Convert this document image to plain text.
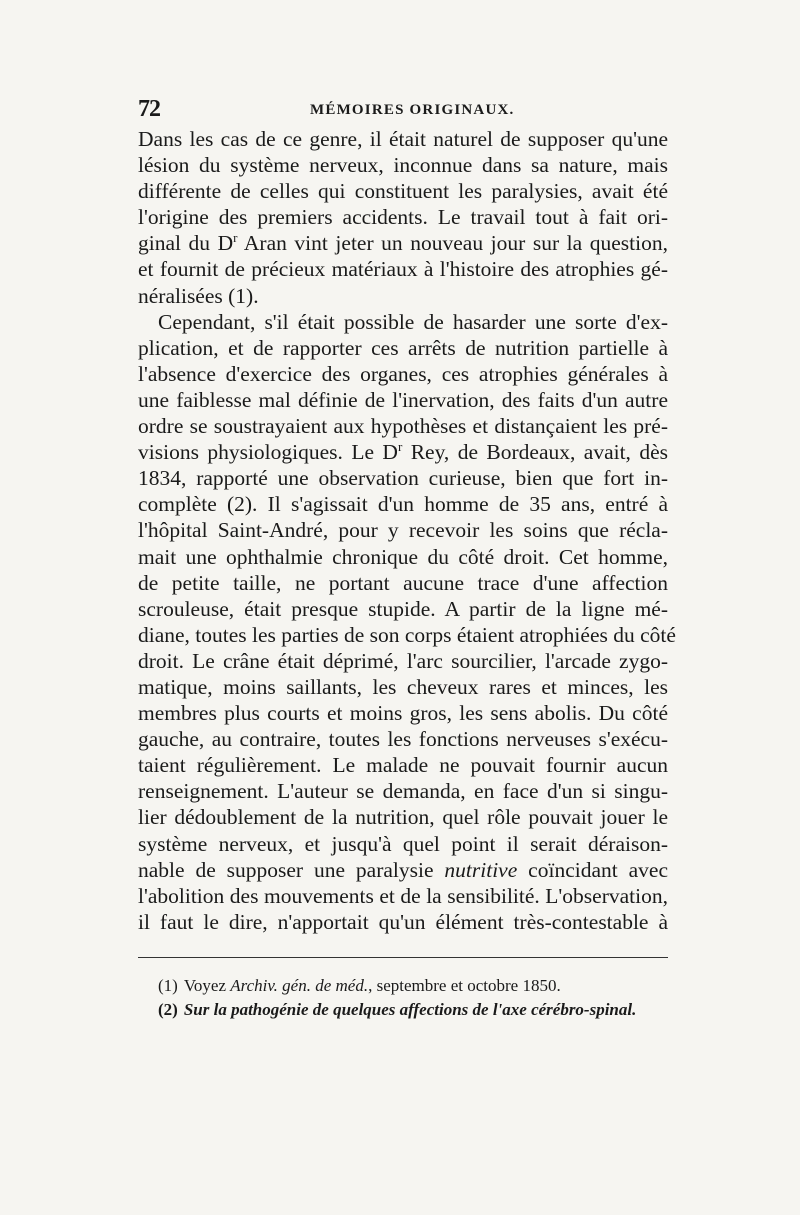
72	MÉMOIRES ORIGINAUX.
Dans les cas de ce genre, il était naturel de supposer qu'une
lésion du système nerveux, inconnue dans sa nature, mais
différente de celles qui constituent les paralysies, avait été
l'origine des premiers accidents. Le travail tout à fait ori-
ginal du $D^r$ Aran vint jeter un nouveau jour sur la question,
et fournit de précieux matériaux à l'histoire des atrophies gé-
néralisées (1).
Cependant, s'il était possible de hasarder une sorte d'ex-
plication, et de rapporter ces arrêts de nutrition partielle à
l'absence d'exercice des organes, ces atrophies générales à
une faiblesse mal définie de l'inervation, des faits d'un autre
ordre se soustrayaient aux hypothèses et distançaient les pré-
visions physiologiques. Le $D^r$ Rey, de Bordeaux, avait, dès
1834, rapporté une observation curieuse, bien que fort in-
complète (2). Il s'agissait d'un homme de 35 ans, entré à
l'hôpital Saint-André, pour y recevoir les soins que récla-
mait une ophthalmie chronique du côté droit. Cet homme,
de petite taille, ne portant aucune trace d'une affection
scrouleuse, était presque stupide. A partir de la ligne mé-
diane, toutes les parties de son corps étaient atrophiées du côté
droit. Le crâne était déprimé, l'arc sourcilier, l'arcade zygo-
matique, moins saillants, les cheveux rares et minces, les
membres plus courts et moins gros, les sens abolis. Du côté
gauche, au contraire, toutes les fonctions nerveuses s'exécu-
taient régulièrement. Le malade ne pouvait fournir aucun
renseignement. L'auteur se demanda, en face d'un si singu-
lier dédoublement de la nutrition, quel rôle pouvait jouer le
système nerveux, et jusqu'à quel point il serait déraison-
nable de supposer une paralysie nutritive coïncidant avec
l'abolition des mouvements et de la sensibilité. L'observation,
il faut le dire, n'apportait qu'un élément très-contestable à
(1) Voyez Archiv. gén. de méd., septembre et octobre 1850.
(2) Sur la pathogénie de quelques affections de l'axe cérébro-spinal.
